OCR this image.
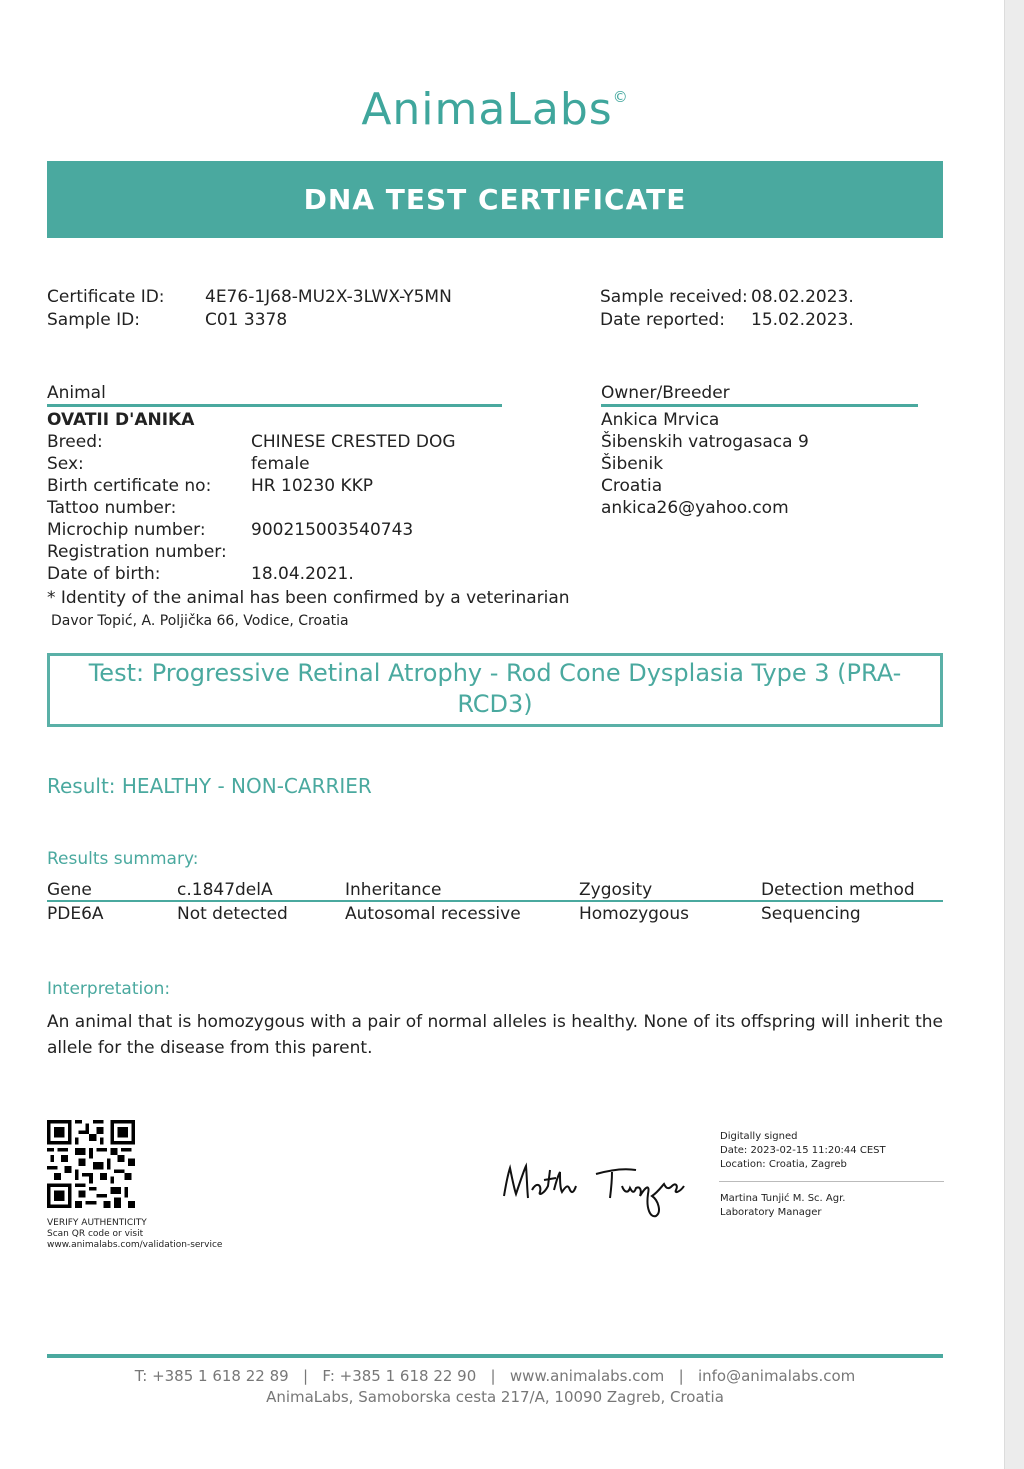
AnimaLabs©
DNA TEST CERTIFICATE
Certificate ID: 4E76-1J68-MU2X-3LWX-Y5MN
Sample ID:	C01 3378
Sample received: 08.02.2023.
Date reported: 15.02.2023.
Animal
OVATII D'ANIKA
Breed:	CHINESE CRESTED DOG
Sex:	female
Birth certificate no: HR 10230 KKP
Tattoo number:
Microchip number:	900215003540743
Registration number:
Date of birth:	18.04.2021.
* Identity of the animal has been confirmed by a veterinarian
Davor Topić, A. Poljička 66, Vodice, Croatia
Owner/Breeder
Ankica Mrvica
Šibenskih vatrogasaca 9
Šibenik
Croatia
ankica26@yahoo.com
Test: Progressive Retinal Atrophy - Rod Cone Dysplasia Type 3 (PRA-
RCD3)
Result: HEALTHY - NON-CARRIER
Results summary:
Gene	c.1847delA	Inheritance	Zygosity	Detection method
PDE6A	Not detected	Autosomal recessive	Homozygous	Sequencing
Interpretation:
An animal that is homozygous with a pair of normal alleles is healthy. None of its offspring will inherit the allele for the disease from this parent.
VERIFY AUTHENTICITY
Scan QR code or visit
www.animalabs.com/validation-service
Digitally signed
Date: 2023-02-15 11:20:44 CEST
Location: Croatia, Zagreb
Martina Tunjić M. Sc. Agr.
Laboratory Manager
T: +385 1 618 22 89   |   F: +385 1 618 22 90   |   www.animalabs.com   |   info@animalabs.com
AnimaLabs, Samoborska cesta 217/A, 10090 Zagreb, Croatia
